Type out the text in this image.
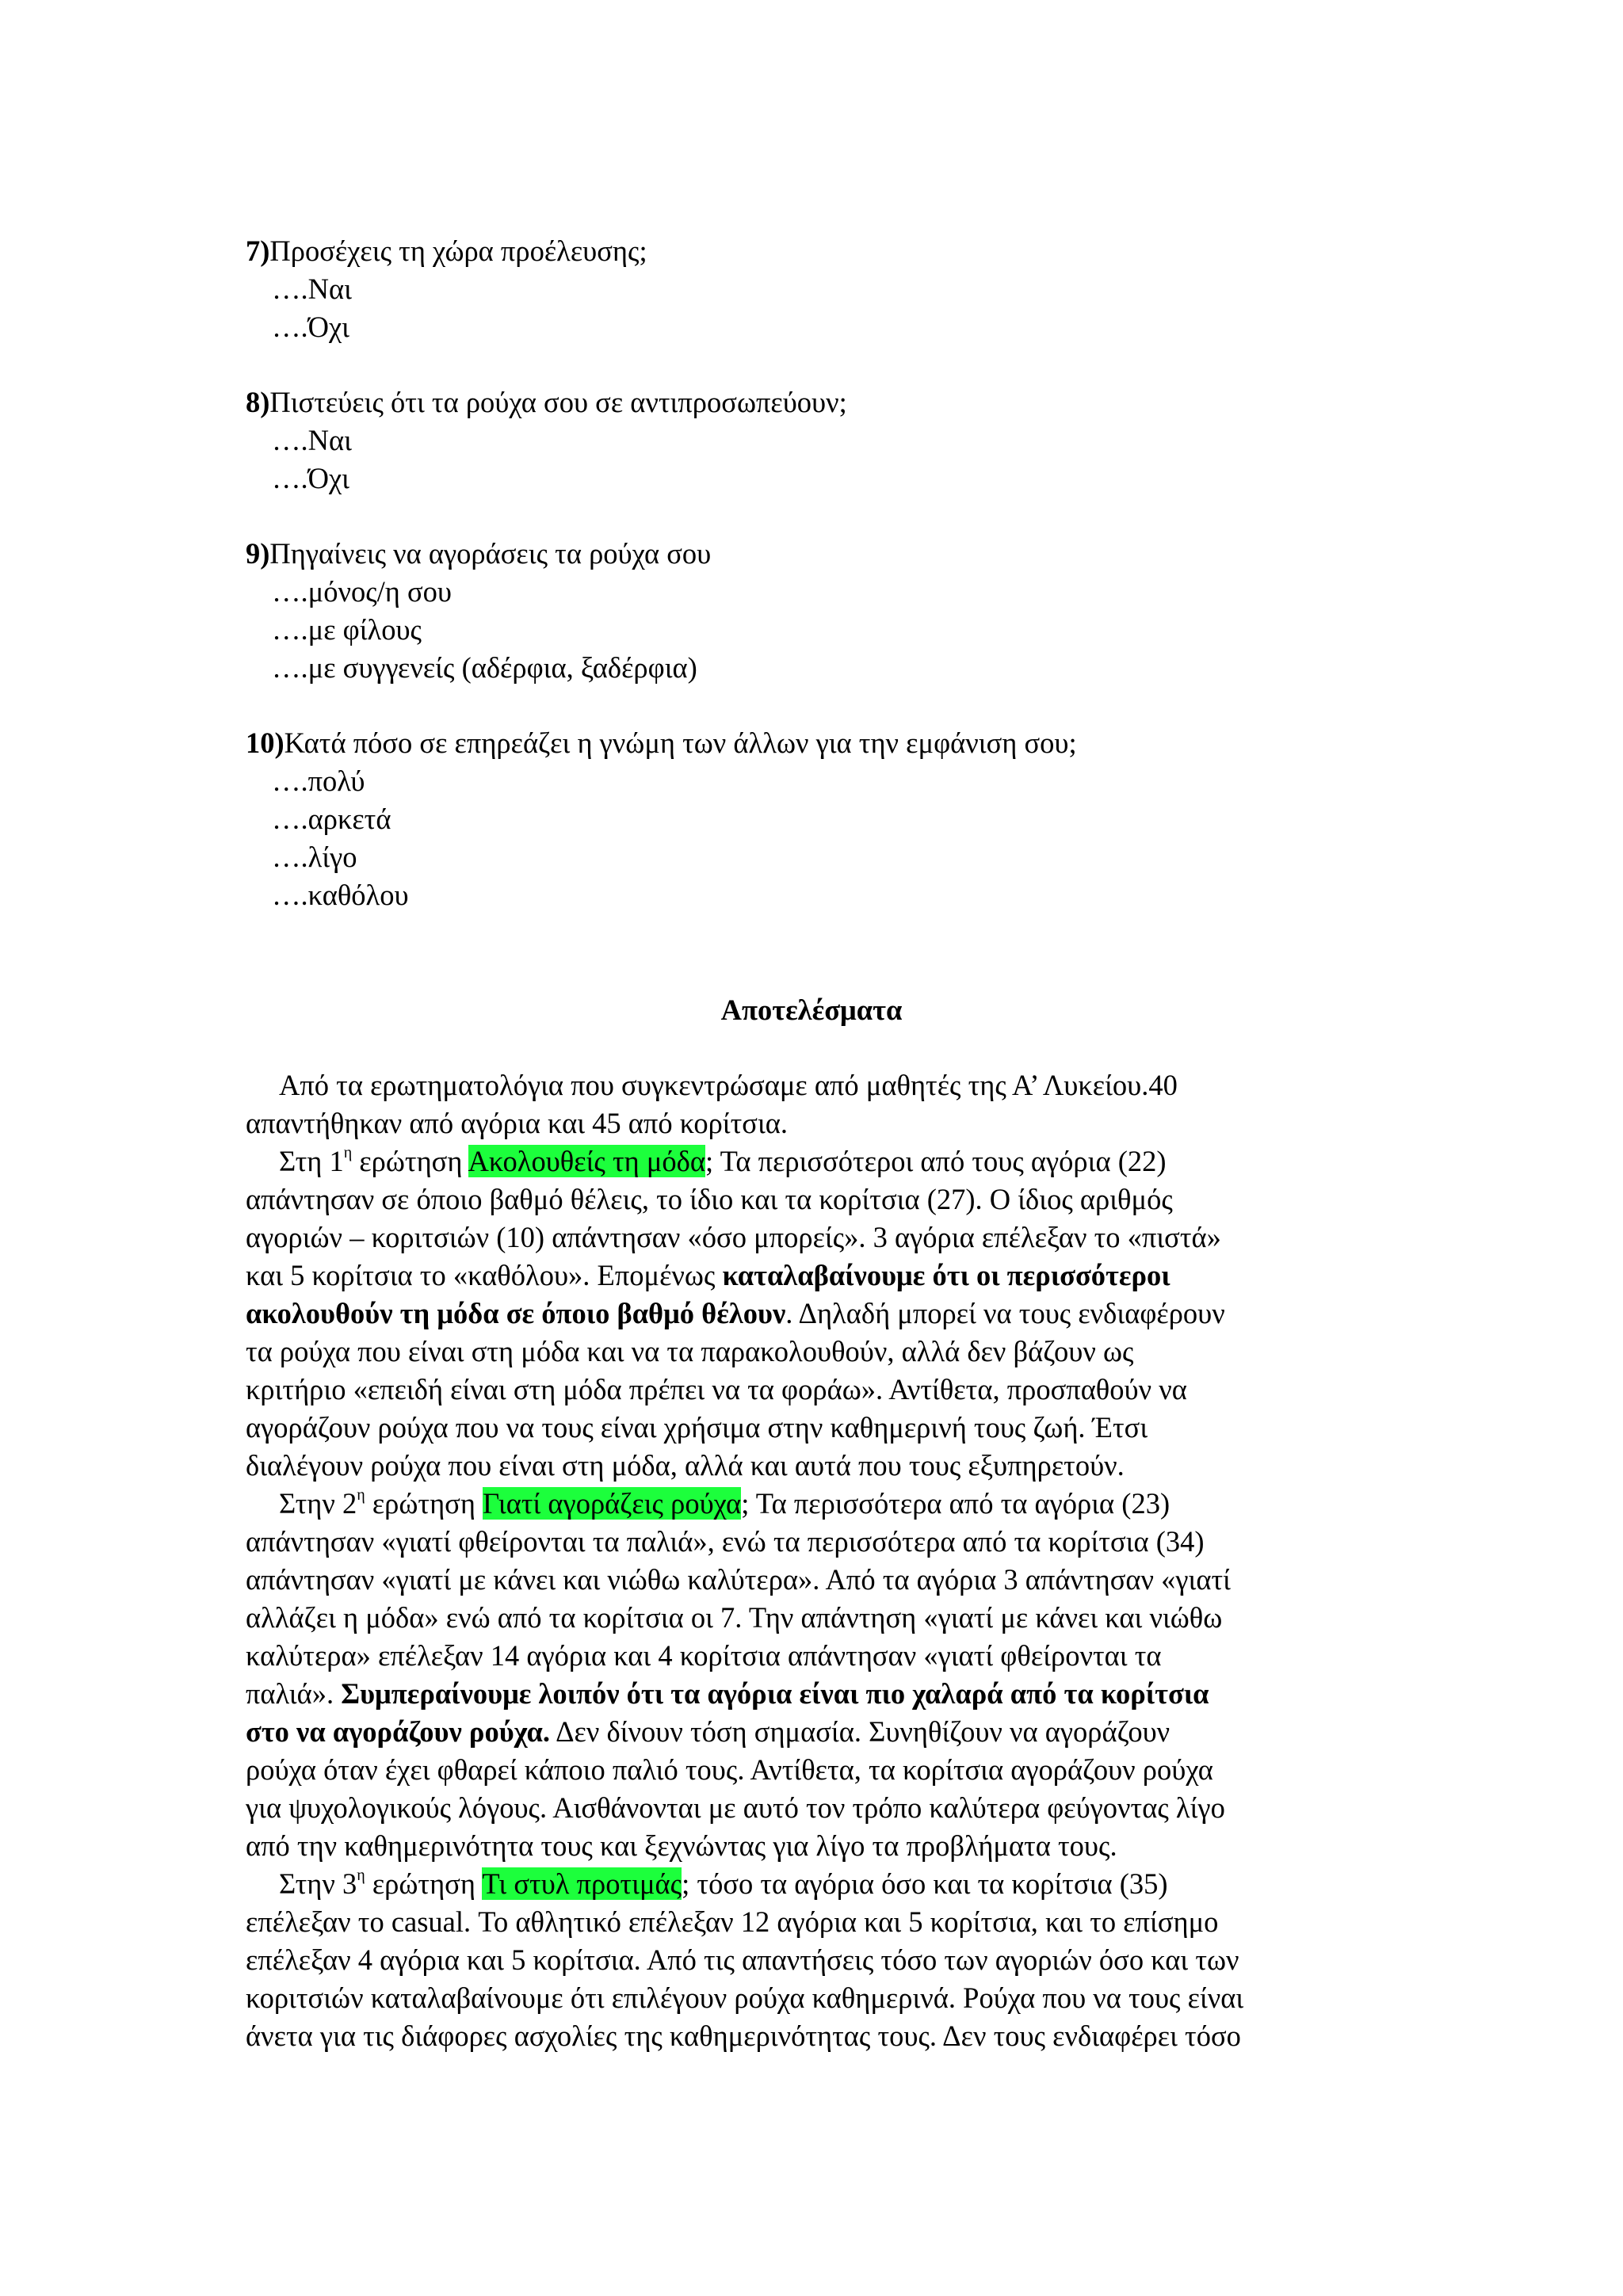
7)Προσέχεις τη χώρα προέλευσης;
….Ναι
….Όχι
8)Πιστεύεις ότι τα ρούχα σου σε αντιπροσωπεύουν;
….Ναι
….Όχι
9)Πηγαίνεις να αγοράσεις τα ρούχα σου
….μόνος/η σου
….με φίλους
….με συγγενείς (αδέρφια, ξαδέρφια)
10)Κατά πόσο σε επηρεάζει η γνώμη των άλλων για την εμφάνιση σου;
….πολύ
….αρκετά
….λίγο
….καθόλου
Αποτελέσματα
Από τα ερωτηματολόγια που συγκεντρώσαμε από μαθητές της Α’ Λυκείου.40
απαντήθηκαν από αγόρια και 45 από κορίτσια.
Στη $1^\eta$ ερώτηση Ακολουθείς τη μόδα; Τα περισσότεροι από τους αγόρια (22)
απάντησαν σε όποιο βαθμό θέλεις, το ίδιο και τα κορίτσια (27). Ο ίδιος αριθμός
αγοριών – κοριτσιών (10) απάντησαν «όσο μπορείς». 3 αγόρια επέλεξαν το «πιστά»
και 5 κορίτσια το «καθόλου». Επομένως καταλαβαίνουμε ότι οι περισσότεροι
ακολουθούν τη μόδα σε όποιο βαθμό θέλουν. Δηλαδή μπορεί να τους ενδιαφέρουν
τα ρούχα που είναι στη μόδα και να τα παρακολουθούν, αλλά δεν βάζουν ως
κριτήριο «επειδή είναι στη μόδα πρέπει να τα φοράω». Αντίθετα, προσπαθούν να
αγοράζουν ρούχα που να τους είναι χρήσιμα στην καθημερινή τους ζωή. Έτσι
διαλέγουν ρούχα που είναι στη μόδα, αλλά και αυτά που τους εξυπηρετούν.
Στην $2^\eta$ ερώτηση Γιατί αγοράζεις ρούχα; Τα περισσότερα από τα αγόρια (23)
απάντησαν «γιατί φθείρονται τα παλιά», ενώ τα περισσότερα από τα κορίτσια (34)
απάντησαν «γιατί με κάνει και νιώθω καλύτερα». Από τα αγόρια 3 απάντησαν «γιατί
αλλάζει η μόδα» ενώ από τα κορίτσια οι 7. Την απάντηση «γιατί με κάνει και νιώθω
καλύτερα» επέλεξαν 14 αγόρια και 4 κορίτσια απάντησαν «γιατί φθείρονται τα
παλιά». Συμπεραίνουμε λοιπόν ότι τα αγόρια είναι πιο χαλαρά από τα κορίτσια
στο να αγοράζουν ρούχα. Δεν δίνουν τόση σημασία. Συνηθίζουν να αγοράζουν
ρούχα όταν έχει φθαρεί κάποιο παλιό τους. Αντίθετα, τα κορίτσια αγοράζουν ρούχα
για ψυχολογικούς λόγους. Αισθάνονται με αυτό τον τρόπο καλύτερα φεύγοντας λίγο
από την καθημερινότητα τους και ξεχνώντας για λίγο τα προβλήματα τους.
Στην $3^\eta$ ερώτηση Τι στυλ προτιμάς; τόσο τα αγόρια όσο και τα κορίτσια (35)
επέλεξαν το casual. Το αθλητικό επέλεξαν 12 αγόρια και 5 κορίτσια, και το επίσημο
επέλεξαν 4 αγόρια και 5 κορίτσια. Από τις απαντήσεις τόσο των αγοριών όσο και των
κοριτσιών καταλαβαίνουμε ότι επιλέγουν ρούχα καθημερινά. Ρούχα που να τους είναι
άνετα για τις διάφορες ασχολίες της καθημερινότητας τους. Δεν τους ενδιαφέρει τόσο
